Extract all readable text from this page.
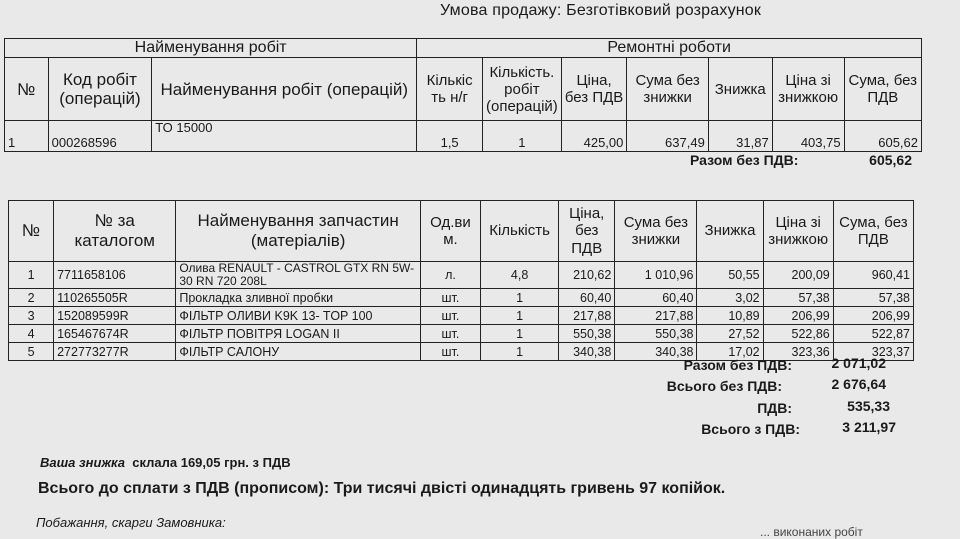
Умова продажу: Безготівковий розрахунок
Найменування робіт			Ремонтні роботи						
№	Код робіт (операцій)	Найменування робіт (операцій)	Кількіс ть н/г	Кількість. робіт (операцій)	Ціна, без ПДВ	Сума без знижки	Знижка	Ціна зі знижкою	Сума, без ПДВ
1	000268596	ТО 15000	1,5	1	425,00	637,49	31,87	403,75	605,62
Разом без ПДВ:	605,62
№	№ за каталогом	Найменування запчастин (матеріалів)	Од.ви м.	Кількість	Ціна, без ПДВ	Сума без знижки	Знижка	Ціна зі знижкою	Сума, без ПДВ
1	7711658106	Олива RENAULT - CASTROL GTX RN 5W-30 RN 720 208L	л.	4,8	210,62	1 010,96	50,55	200,09	960,41
2	110265505R	Прокладка зливної пробки	шт.	1	60,40	60,40	3,02	57,38	57,38
3	152089599R	ФІЛЬТР ОЛИВИ K9K 13- TOP 100	шт.	1	217,88	217,88	10,89	206,99	206,99
4	165467674R	ФІЛЬТР ПОВІТРЯ LOGAN II	шт.	1	550,38	550,38	27,52	522,86	522,87
5	272773277R	ФІЛЬТР САЛОНУ	шт.	1	340,38	340,38	17,02	323,36	323,37
Разом без ПДВ:	2 071,02
Всього без ПДВ:	2 676,64
ПДВ:	535,33
Всього з ПДВ:	3 211,97
Ваша знижка склала 169,05 грн. з ПДВ
Всього до сплати з ПДВ (прописом): Три тисячі двісті одинадцять гривень 97 копійок.
Побажання, скарги Замовника:
... виконаних робіт
